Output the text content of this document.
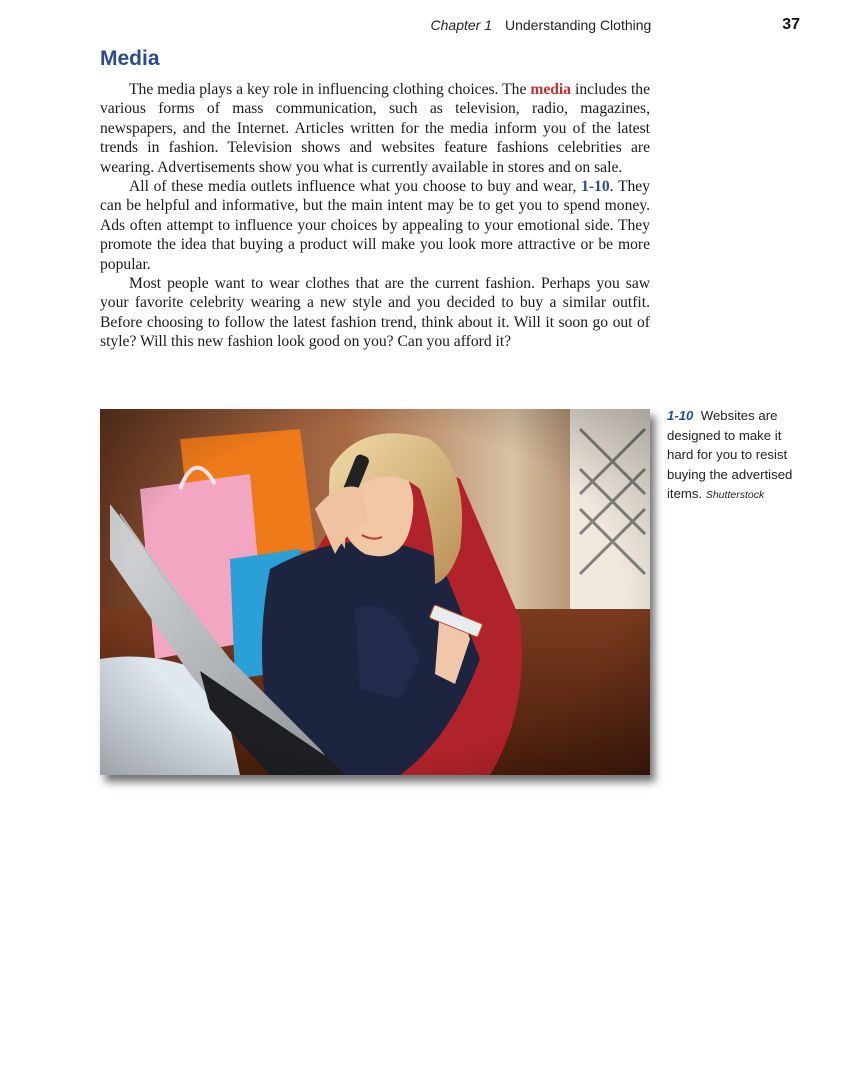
Chapter 1 Understanding Clothing	37
Media

The media plays a key role in influencing clothing choices. The media includes the various forms of mass communication, such as television, radio, magazines, newspapers, and the Internet. Articles written for the media inform you of the latest trends in fashion. Television shows and websites feature fashions celebrities are wearing. Advertisements show you what is currently available in stores and on sale.

All of these media outlets influence what you choose to buy and wear, 1-10. They can be helpful and informative, but the main intent may be to get you to spend money. Ads often attempt to influence your choices by appealing to your emotional side. They promote the idea that buying a product will make you look more attractive or be more popular.

Most people want to wear clothes that are the current fashion. Perhaps you saw your favorite celebrity wearing a new style and you decided to buy a similar outfit. Before choosing to follow the latest fashion trend, think about it. Will it soon go out of style? Will this new fashion look good on you? Can you afford it?

1-10 Websites are designed to make it hard for you to resist buying the advertised items. Shutterstock
